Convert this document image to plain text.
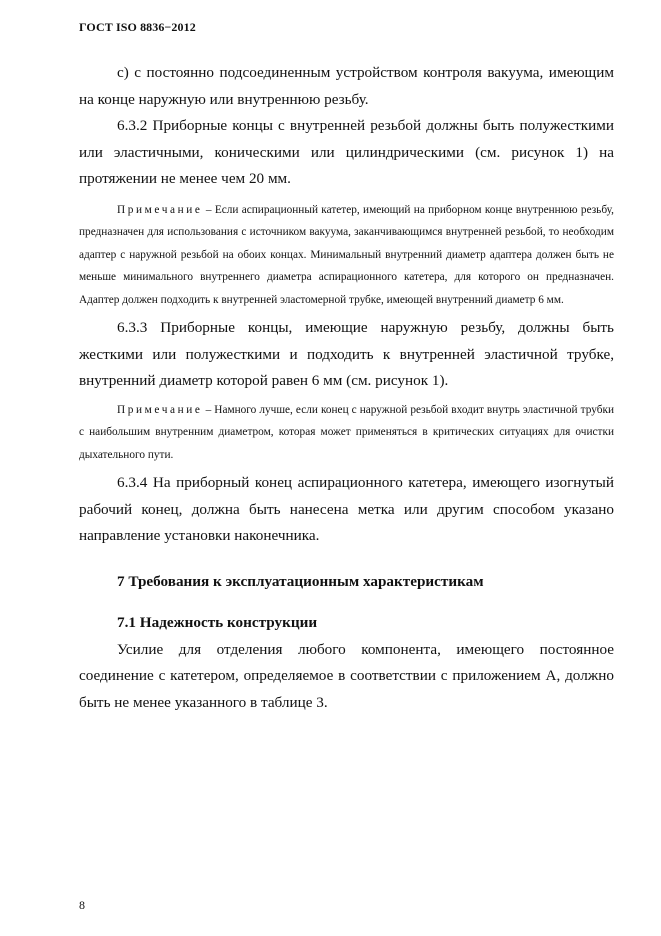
ГОСТ ISO 8836−2012

с) с постоянно подсоединенным устройством контроля вакуума, имеющим на конце наружную или внутреннюю резьбу.

6.3.2 Приборные концы с внутренней резьбой должны быть полужесткими или эластичными, коническими или цилиндрическими (см. рисунок 1) на протяжении не менее чем 20 мм.

Примечание – Если аспирационный катетер, имеющий на приборном конце внутреннюю резьбу, предназначен для использования с источником вакуума, заканчивающимся внутренней резьбой, то необходим адаптер с наружной резьбой на обоих концах. Минимальный внутренний диаметр адаптера должен быть не меньше минимального внутреннего диаметра аспирационного катетера, для которого он предназначен. Адаптер должен подходить к внутренней эластомерной трубке, имеющей внутренний диаметр 6 мм.

6.3.3 Приборные концы, имеющие наружную резьбу, должны быть жесткими или полужесткими и подходить к внутренней эластичной трубке, внутренний диаметр которой равен 6 мм (см. рисунок 1).

Примечание – Намного лучше, если конец с наружной резьбой входит внутрь эластичной трубки с наибольшим внутренним диаметром, которая может применяться в критических ситуациях для очистки дыхательного пути.

6.3.4 На приборный конец аспирационного катетера, имеющего изогнутый рабочий конец, должна быть нанесена метка или другим способом указано направление установки наконечника.

7 Требования к эксплуатационным характеристикам

7.1 Надежность конструкции

Усилие для отделения любого компонента, имеющего постоянное соединение с катетером, определяемое в соответствии с приложением А, должно быть не менее указанного в таблице 3.

8
